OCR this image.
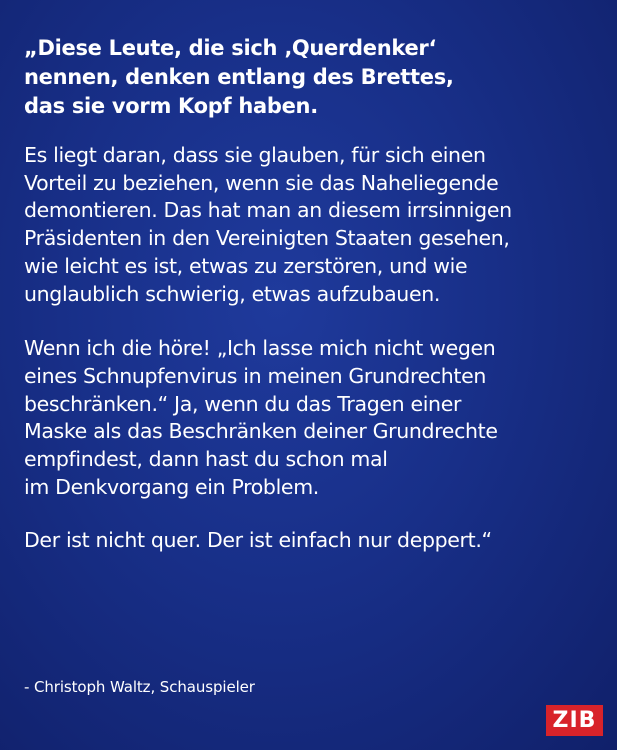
„Diese Leute, die sich ‚Querdenker‘
nennen, denken entlang des Brettes,
das sie vorm Kopf haben.

Es liegt daran, dass sie glauben, für sich einen
Vorteil zu beziehen, wenn sie das Naheliegende
demontieren. Das hat man an diesem irrsinnigen
Präsidenten in den Vereinigten Staaten gesehen,
wie leicht es ist, etwas zu zerstören, und wie
unglaublich schwierig, etwas aufzubauen.

Wenn ich die höre! „Ich lasse mich nicht wegen
eines Schnupfenvirus in meinen Grundrechten
beschränken.“ Ja, wenn du das Tragen einer
Maske als das Beschränken deiner Grundrechte
empfindest, dann hast du schon mal
im Denkvorgang ein Problem.

Der ist nicht quer. Der ist einfach nur deppert.“

- Christoph Waltz, Schauspieler
ZIB
